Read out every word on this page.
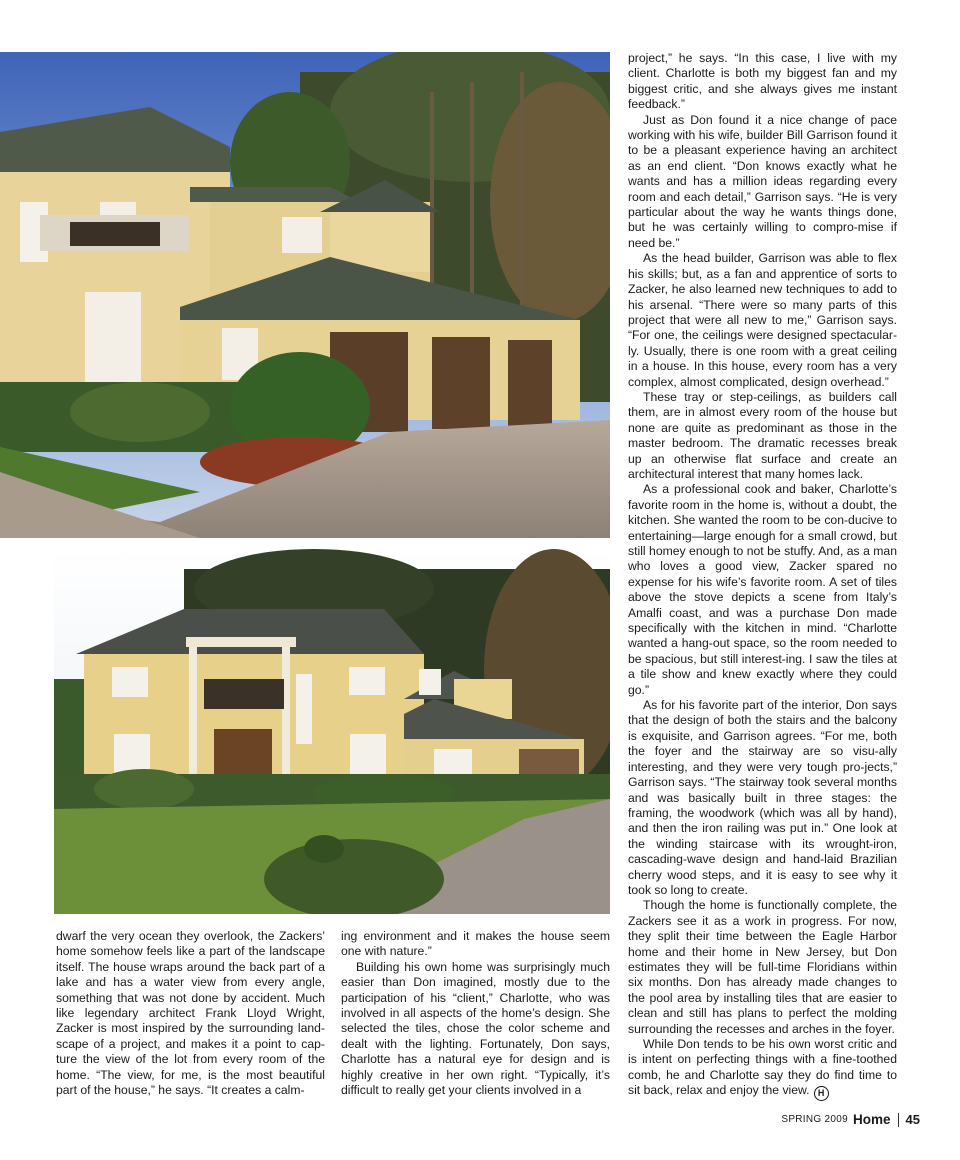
dwarf the very ocean they overlook, the Zackers’ home somehow feels like a part of the landscape itself. The house wraps around the back part of a lake and has a water view from every angle, something that was not done by accident. Much like legendary architect Frank Lloyd Wright, Zacker is most inspired by the surrounding land-scape of a project, and makes it a point to cap-ture the view of the lot from every room of the home. “The view, for me, is the most beautiful part of the house,” he says. “It creates a calm-

ing environment and it makes the house seem one with nature.”

Building his own home was surprisingly much easier than Don imagined, mostly due to the participation of his “client,” Charlotte, who was involved in all aspects of the home’s design. She selected the tiles, chose the color scheme and dealt with the lighting. Fortunately, Don says, Charlotte has a natural eye for design and is highly creative in her own right. “Typically, it’s difficult to really get your clients involved in a

project,” he says. “In this case, I live with my client. Charlotte is both my biggest fan and my biggest critic, and she always gives me instant feedback.”

Just as Don found it a nice change of pace working with his wife, builder Bill Garrison found it to be a pleasant experience having an architect as an end client. “Don knows exactly what he wants and has a million ideas regarding every room and each detail,” Garrison says. “He is very particular about the way he wants things done, but he was certainly willing to compro-mise if need be.”

As the head builder, Garrison was able to flex his skills; but, as a fan and apprentice of sorts to Zacker, he also learned new techniques to add to his arsenal. “There were so many parts of this project that were all new to me,” Garrison says. “For one, the ceilings were designed spectacular-ly. Usually, there is one room with a great ceiling in a house. In this house, every room has a very complex, almost complicated, design overhead.”

These tray or step-ceilings, as builders call them, are in almost every room of the house but none are quite as predominant as those in the master bedroom. The dramatic recesses break up an otherwise flat surface and create an architectural interest that many homes lack.

As a professional cook and baker, Charlotte’s favorite room in the home is, without a doubt, the kitchen. She wanted the room to be con-ducive to entertaining—large enough for a small crowd, but still homey enough to not be stuffy. And, as a man who loves a good view, Zacker spared no expense for his wife’s favorite room. A set of tiles above the stove depicts a scene from Italy’s Amalfi coast, and was a purchase Don made specifically with the kitchen in mind. “Charlotte wanted a hang-out space, so the room needed to be spacious, but still interest-ing. I saw the tiles at a tile show and knew exactly where they could go.”

As for his favorite part of the interior, Don says that the design of both the stairs and the balcony is exquisite, and Garrison agrees. “For me, both the foyer and the stairway are so visu-ally interesting, and they were very tough pro-jects,” Garrison says. “The stairway took several months and was basically built in three stages: the framing, the woodwork (which was all by hand), and then the iron railing was put in.” One look at the winding staircase with its wrought-iron, cascading-wave design and hand-laid Brazilian cherry wood steps, and it is easy to see why it took so long to create.

Though the home is functionally complete, the Zackers see it as a work in progress. For now, they split their time between the Eagle Harbor home and their home in New Jersey, but Don estimates they will be full-time Floridians within six months. Don has already made changes to the pool area by installing tiles that are easier to clean and still has plans to perfect the molding surrounding the recesses and arches in the foyer.

While Don tends to be his own worst critic and is intent on perfecting things with a fine-toothed comb, he and Charlotte say they do find time to sit back, relax and enjoy the view. H

SPRING 2009 Home 45
